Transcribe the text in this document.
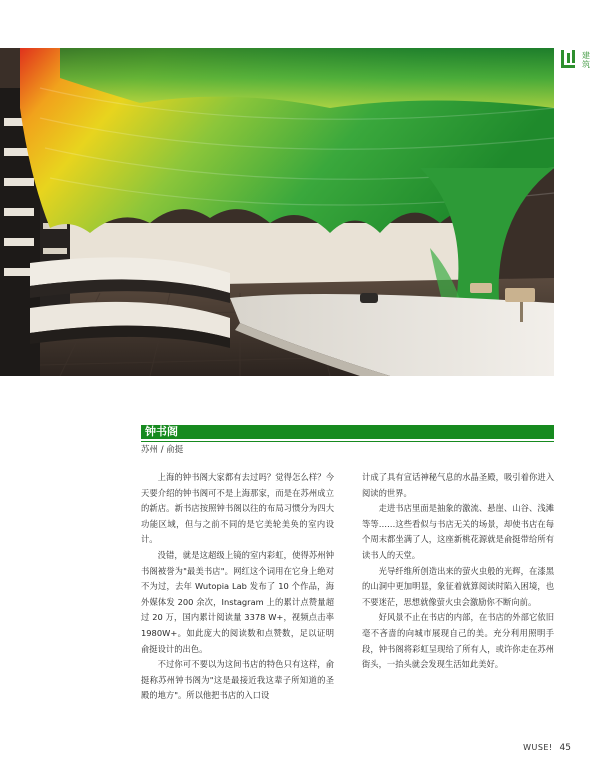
建筑
钟书阁
苏州 / 俞挺

上海的钟书阁大家都有去过吗？觉得怎么样？今天要介绍的钟书阁可不是上海那家，而是在苏州成立的新店。新书店按照钟书阁以往的布局习惯分为四大功能区域，但与之前不同的是它美轮美奂的室内设计。

没错，就是这超级上镜的室内彩虹，使得苏州钟书阁被誉为"最美书店"。网红这个词用在它身上绝对不为过，去年 Wutopia Lab 发布了 10 个作品，海外媒体发 200 余次，Instagram 上的累计点赞量超过 20 万，国内累计阅读量 3378 W+，视频点击率 1980W+。如此庞大的阅读数和点赞数，足以证明俞挺设计的出色。

不过你可不要以为这间书店的特色只有这样，俞挺称苏州钟书阁为"这是最接近我这辈子所知道的圣殿的地方"。所以他把书店的入口设

计成了具有宣话神秘气息的水晶圣殿，吸引着你进入阅读的世界。

走进书店里面是抽象的激流、悬崖、山谷、浅滩等等……这些看似与书店无关的场景，却使书店在每个周末都坐满了人，这座新桃花源就是俞挺带给所有读书人的天堂。

光导纤维所创造出来的萤火虫般的光辉，在漆黑的山洞中更加明显，象征着就算阅读时陷入困境，也不要迷茫，思想就像萤火虫会激励你不断向前。

好风景不止在书店的内部，在书店的外部它依旧毫不吝啬的向城市展现自己的美。充分利用照明手段，钟书阁将彩虹呈现给了所有人，或许你走在苏州街头，一抬头就会发现生活如此美好。

WUSE! 45
